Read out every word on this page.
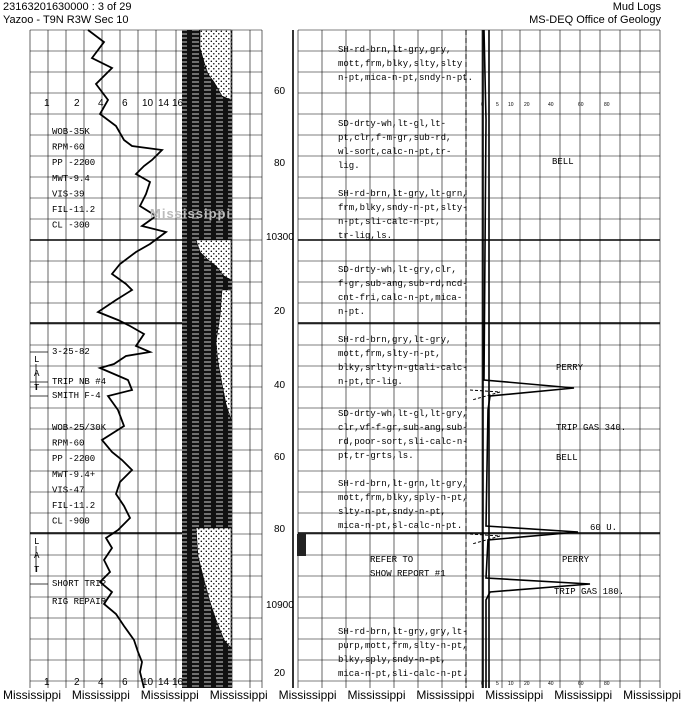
23163201630000 : 3 of 29
Yazoo - T9N R3W Sec 10
Mud Logs
MS-DEQ Office of Geology
1 2 4 6 10 14 16
1 2 4 6 10 14 16
0 5 10 20	40	60	80
0 5 10 20	40	60	80
60
80
10300
20
40
60
80
10900
20
WOB-35K
RPM-60
PP -2200
MWT-9.4
VIS-39
FIL-11.2
CL -300
WOB-25/30K
RPM-60
PP -2200
MWT-9.4+
VIS-47
FIL-11.2
CL -900
3-25-82
TRIP NB #4
SMITH F-4
SHORT TRIP
RIG REPAIR
L
L
A
A
T
T
SH-rd-brn,lt-gry,gry,
mott,frm,blky,slty,slty
n-pt,mica-n-pt,sndy-n-pt.
SD-drty-wh,lt-gl,lt-
pt,clr,f-m-gr,sub-rd,
wl-sort,calc-n-pt,tr-
lig.
SH-rd-brn,lt-gry,lt-grn,
frm,blky,sndy-n-pt,slty-
n-pt,sli-calc-n-pt,
tr-lig,ls.
SD-drty-wh,lt-gry,clr,
f-gr,sub-ang,sub-rd,ncd-
cnt-fri,calc-n-pt,mica-
n-pt.
SH-rd-brn,gry,lt-gry,
mott,frm,slty-n-pt,
blky,srlty-n-gtali-calc-
n-pt,tr-lig.
SD-drty-wh,lt-gl,lt-gry,
clr,vf-f-gr,sub-ang,sub-
rd,poor-sort,sli-calc-n-
pt,tr-grts,ls.
SH-rd-brn,lt-grn,lt-gry,
mott,frm,blky,sply-n-pt,
slty-n-pt,sndy-n-pt,
mica-n-pt,sl-calc-n-pt.
REFER TO
SHOW REPORT #1
SH-rd-brn,lt-gry,gry,lt-
purp,mott,frm,slty-n-pt,
blky,sply,sndy-n-pt,
mica-n-pt,sli-calc-n-pt.
BELL
PERRY
TRIP GAS 340.
BELL
60 U.
PERRY
TRIP GAS 180.
Mississippi
Mississippi Mississippi Mississippi Mississippi Mississippi Mississippi Mississippi Mississippi Mississippi Mississippi
